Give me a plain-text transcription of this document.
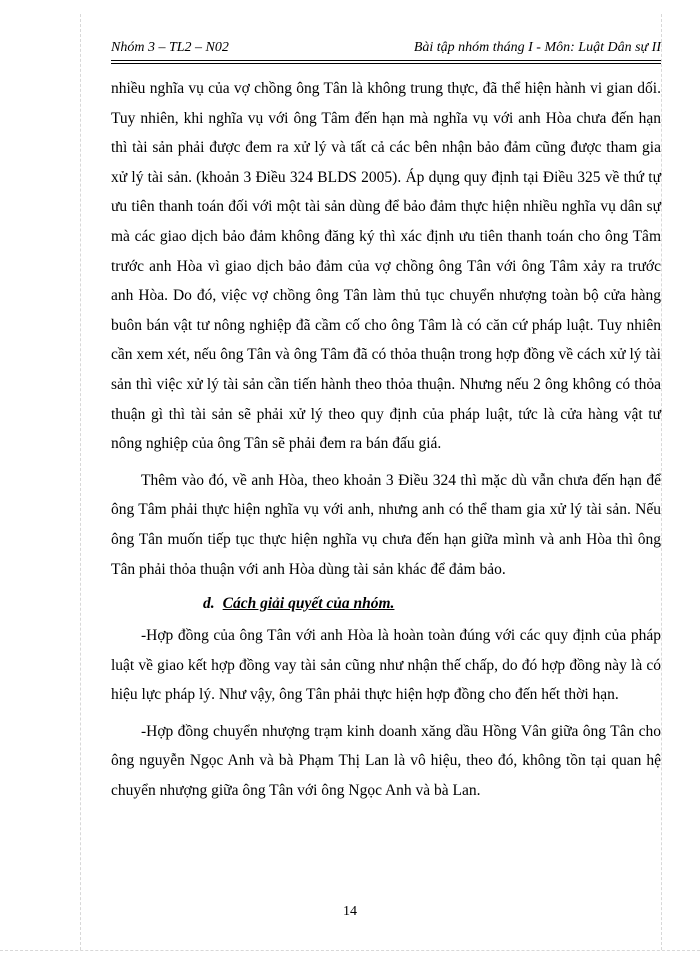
Nhóm 3 – TL2 – N02	Bài tập nhóm tháng I - Môn: Luật Dân sự II

nhiều nghĩa vụ của vợ chồng ông Tân là không trung thực, đã thể hiện hành vi gian dối. Tuy nhiên, khi nghĩa vụ với ông Tâm đến hạn mà nghĩa vụ với anh Hòa chưa đến hạn thì tài sản phải được đem ra xử lý và tất cả các bên nhận bảo đảm cũng được tham gia xử lý tài sản. (khoản 3 Điều 324 BLDS 2005). Áp dụng quy định tại Điều 325 về thứ tự ưu tiên thanh toán đối với một tài sản dùng để bảo đảm thực hiện nhiều nghĩa vụ dân sự mà các giao dịch bảo đảm không đăng ký thì xác định ưu tiên thanh toán cho ông Tâm trước anh Hòa vì giao dịch bảo đảm của vợ chồng ông Tân với ông Tâm xảy ra trước anh Hòa. Do đó, việc vợ chồng ông Tân làm thủ tục chuyển nhượng toàn bộ cửa hàng buôn bán vật tư nông nghiệp đã cầm cố cho ông Tâm là có căn cứ pháp luật. Tuy nhiên cần xem xét, nếu ông Tân và ông Tâm đã có thỏa thuận trong hợp đồng về cách xử lý tài sản thì việc xử lý tài sản cần tiến hành theo thỏa thuận. Nhưng nếu 2 ông không có thỏa thuận gì thì tài sản sẽ phải xử lý theo quy định của pháp luật, tức là cửa hàng vật tư nông nghiệp của ông Tân sẽ phải đem ra bán đấu giá.

Thêm vào đó, về anh Hòa, theo khoản 3 Điều 324 thì mặc dù vẫn chưa đến hạn để ông Tâm phải thực hiện nghĩa vụ với anh, nhưng anh có thể tham gia xử lý tài sản. Nếu ông Tân muốn tiếp tục thực hiện nghĩa vụ chưa đến hạn giữa mình và anh Hòa thì ông Tân phải thỏa thuận với anh Hòa dùng tài sản khác để đảm bảo.

d. Cách giải quyết của nhóm.

-Hợp đồng của ông Tân với anh Hòa là hoàn toàn đúng với các quy định của pháp luật về giao kết hợp đồng vay tài sản cũng như nhận thế chấp, do đó hợp đồng này là có hiệu lực pháp lý. Như vậy, ông Tân phải thực hiện hợp đồng cho đến hết thời hạn.

-Hợp đồng chuyển nhượng trạm kinh doanh xăng dầu Hồng Vân giữa ông Tân cho ông nguyễn Ngọc Anh và bà Phạm Thị Lan là vô hiệu, theo đó, không tồn tại quan hệ chuyển nhượng giữa ông Tân với ông Ngọc Anh và bà Lan.

14
